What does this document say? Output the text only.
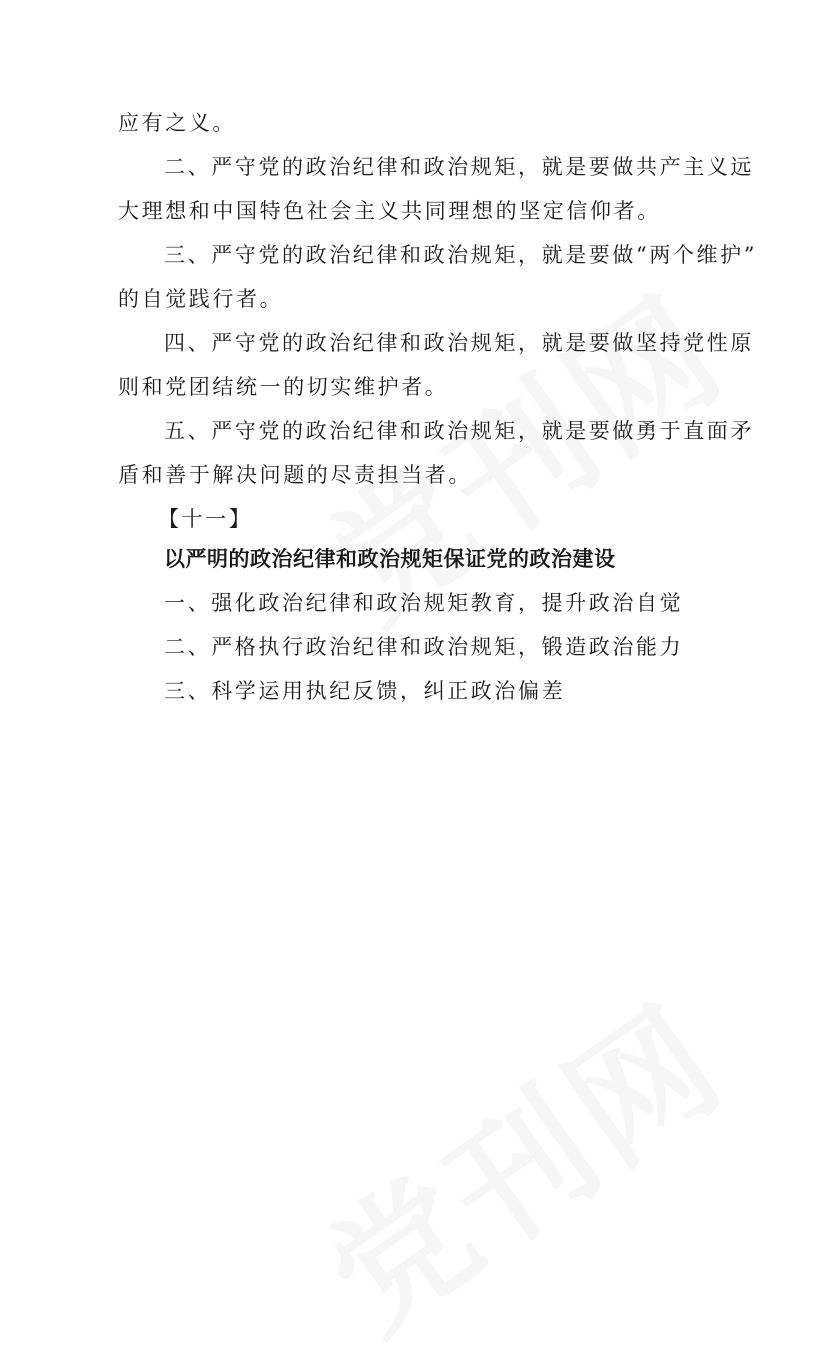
应有之义。
二、严守党的政治纪律和政治规矩，就是要做共产主义远
大理想和中国特色社会主义共同理想的坚定信仰者。
三、严守党的政治纪律和政治规矩，就是要做“两个维护”
的自觉践行者。
四、严守党的政治纪律和政治规矩，就是要做坚持党性原
则和党团结统一的切实维护者。
五、严守党的政治纪律和政治规矩，就是要做勇于直面矛
盾和善于解决问题的尽责担当者。
【十一】
以严明的政治纪律和政治规矩保证党的政治建设
一、强化政治纪律和政治规矩教育，提升政治自觉
二、严格执行政治纪律和政治规矩，锻造政治能力
三、科学运用执纪反馈，纠正政治偏差
